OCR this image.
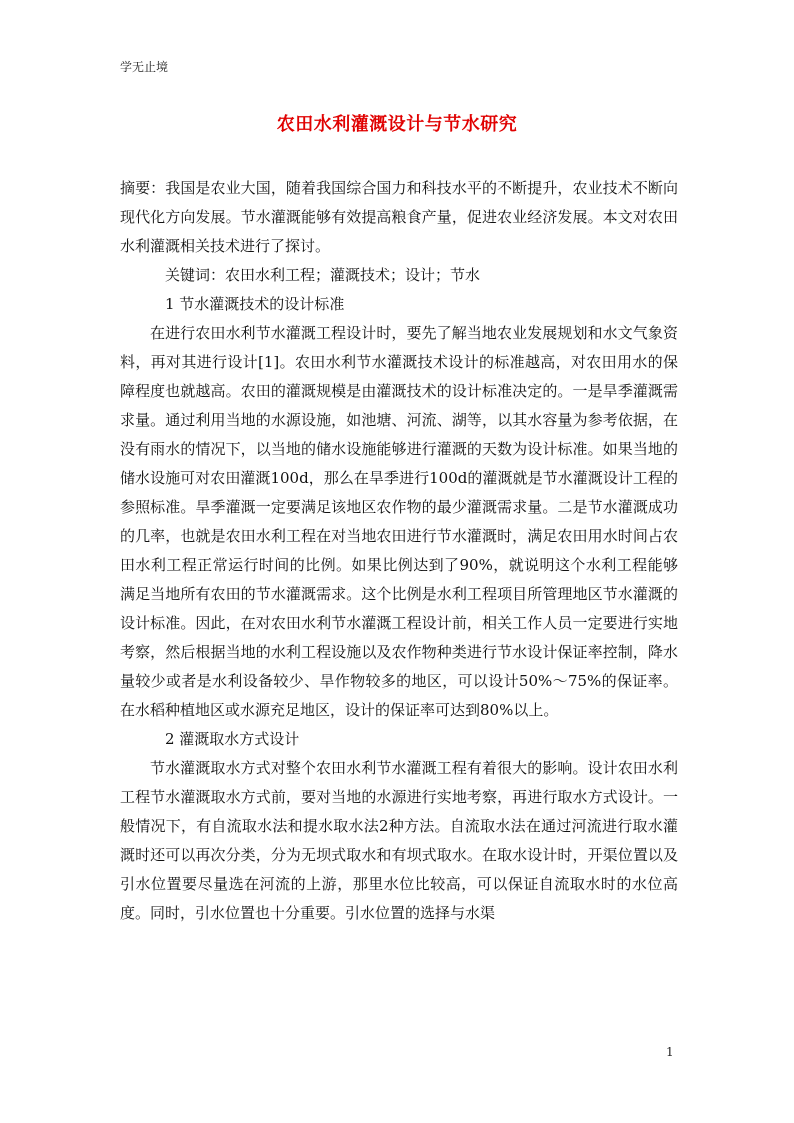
学无止境
农田水利灌溉设计与节水研究

摘要：我国是农业大国，随着我国综合国力和科技水平的不断提升，农业技术不断向现代化方向发展。节水灌溉能够有效提高粮食产量，促进农业经济发展。本文对农田水利灌溉相关技术进行了探讨。

关键词：农田水利工程；灌溉技术；设计；节水

1 节水灌溉技术的设计标准

在进行农田水利节水灌溉工程设计时，要先了解当地农业发展规划和水文气象资料，再对其进行设计[1]。农田水利节水灌溉技术设计的标准越高，对农田用水的保障程度也就越高。农田的灌溉规模是由灌溉技术的设计标准决定的。一是旱季灌溉需求量。通过利用当地的水源设施，如池塘、河流、湖等，以其水容量为参考依据，在没有雨水的情况下，以当地的储水设施能够进行灌溉的天数为设计标准。如果当地的储水设施可对农田灌溉100d，那么在旱季进行100d的灌溉就是节水灌溉设计工程的参照标准。旱季灌溉一定要满足该地区农作物的最少灌溉需求量。二是节水灌溉成功的几率，也就是农田水利工程在对当地农田进行节水灌溉时，满足农田用水时间占农田水利工程正常运行时间的比例。如果比例达到了90%，就说明这个水利工程能够满足当地所有农田的节水灌溉需求。这个比例是水利工程项目所管理地区节水灌溉的设计标准。因此，在对农田水利节水灌溉工程设计前，相关工作人员一定要进行实地考察，然后根据当地的水利工程设施以及农作物种类进行节水设计保证率控制，降水量较少或者是水利设备较少、旱作物较多的地区，可以设计50%～75%的保证率。在水稻种植地区或水源充足地区，设计的保证率可达到80%以上。

2 灌溉取水方式设计

节水灌溉取水方式对整个农田水利节水灌溉工程有着很大的影响。设计农田水利工程节水灌溉取水方式前，要对当地的水源进行实地考察，再进行取水方式设计。一般情况下，有自流取水法和提水取水法2种方法。自流取水法在通过河流进行取水灌溉时还可以再次分类，分为无坝式取水和有坝式取水。在取水设计时，开渠位置以及引水位置要尽量选在河流的上游，那里水位比较高，可以保证自流取水时的水位高度。同时，引水位置也十分重要。引水位置的选择与水渠

1
